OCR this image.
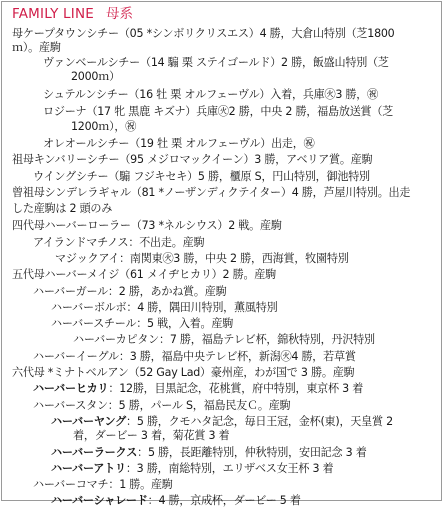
FAMILY LINE 母系
母ケープタウンシチー（05 *シンボリクリスエス）4 勝，大倉山特別（芝1800
ｍ）。産駒
ヴァンベールシチー（14 騸 栗 ステイゴールド）2 勝，飯盛山特別（芝
2000ｍ）
シュテルンシチー（16 牡 栗 オルフェーヴル）入着，兵庫㊋3 勝，㊗
ロジーナ（17 牝 黒鹿 キズナ）兵庫㊋2 勝，中央 2 勝，福島放送賞（芝
1200ｍ），㊗
オレオールシチー（19 牡 栗 オルフェーヴル）出走，㊗
祖母キンバリーシチー（95 メジロマックイーン）3 勝，アベリア賞。産駒
ウイングシチー（騸 フジキセキ）5 勝，櫃原 S，円山特別，御池特別
曾祖母シンデレラギャル（81 *ノーザンディクテイター）4 勝，芦屋川特別。出走
した産駒は 2 頭のみ
四代母ハーバーローラー（73 *ネルシウス）2 戦。産駒
アイランドマチノス：不出走。産駒
マジックアイ：南関東㊋3 勝，中央 2 勝，西海賞，牧園特別
五代母ハーバーメイジ（61 メイヂヒカリ）2 勝。産駒
ハーバーガール：2 勝，あかね賞。産駒
ハーバーボルボ：4 勝，隅田川特別，薫風特別
ハーバースチール：5 戦，入着。産駒
ハーバーカピタン：7 勝，福島テレビ杯，錦秋特別，丹沢特別
ハーバーイーグル：3 勝，福島中央テレビ杯，新潟㊋4 勝，若草賞
六代母 *ミナトベルアン（52 Gay Lad）豪州産，わが国で 3 勝。産駒
ハーバーヒカリ：12勝，目黒記念，花桃賞，府中特別，東京杯 3 着
ハーバースタン：5 勝，パール S，福島民友Ｃ。産駒
ハーバーヤング：5 勝，クモハタ記念，毎日王冠，金杯(東)，天皇賞 2
着，ダービー 3 着，菊花賞 3 着
ハーバーラークス：5 勝，長距離特別，仲秋特別，安田記念 3 着
ハーバーアトリ：3 勝，南総特別，エリザベス女王杯 3 着
ハーバーコマチ：1 勝。産駒
ハーバーシャレード：4 勝，京成杯，ダービー 5 着
